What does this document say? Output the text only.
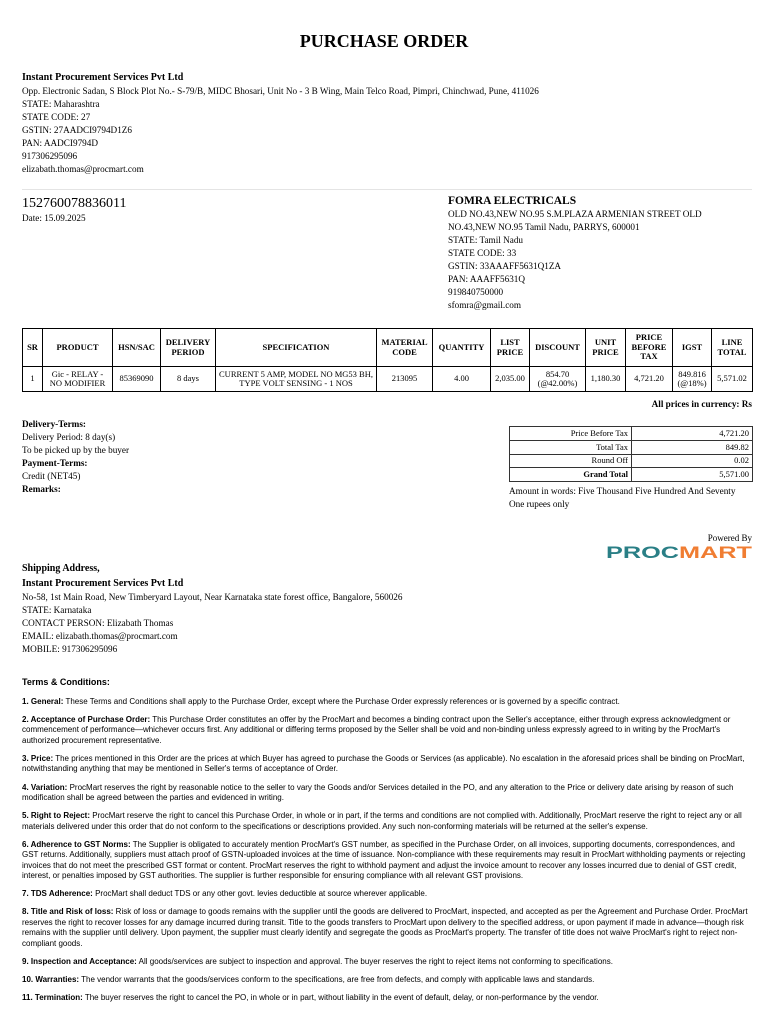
PURCHASE ORDER
Instant Procurement Services Pvt Ltd
Opp. Electronic Sadan, S Block Plot No.- S-79/B, MIDC Bhosari, Unit No - 3 B Wing, Main Telco Road, Pimpri, Chinchwad, Pune, 411026
STATE: Maharashtra
STATE CODE: 27
GSTIN: 27AADCI9794D1Z6
PAN: AADCI9794D
917306295096
elizabath.thomas@procmart.com
152760078836011
Date: 15.09.2025
FOMRA ELECTRICALS
OLD NO.43,NEW NO.95 S.M.PLAZA ARMENIAN STREET OLD NO.43,NEW NO.95 Tamil Nadu, PARRYS, 600001
STATE: Tamil Nadu
STATE CODE: 33
GSTIN: 33AAAFF5631Q1ZA
PAN: AAAFF5631Q
919840750000
sfomra@gmail.com
SR	PRODUCT	HSN/SAC	DELIVERY PERIOD	SPECIFICATION	MATERIAL CODE	QUANTITY	LIST PRICE	DISCOUNT	UNIT PRICE	PRICE BEFORE TAX	IGST	LINE TOTAL
1	Gic - RELAY - NO MODIFIER	85369090	8 days	CURRENT 5 AMP, MODEL NO MG53 BH, TYPE VOLT SENSING - 1 NOS	213095	4.00	2,035.00	854.70 (@42.00%)	1,180.30	4,721.20	849.816 (@18%)	5,571.02
All prices in currency: Rs
Delivery-Terms:
Delivery Period: 8 day(s)
To be picked up by the buyer
Payment-Terms:
Credit (NET45)
Remarks:
Price Before Tax	4,721.20
Total Tax	849.82
Round Off	0.02
Grand Total	5,571.00
Amount in words: Five Thousand Five Hundred And Seventy One rupees only
Powered By
PROC MART
Shipping Address,
Instant Procurement Services Pvt Ltd
No-58, 1st Main Road, New Timberyard Layout, Near Karnataka state forest office, Bangalore, 560026
STATE: Karnataka
CONTACT PERSON: Elizabath Thomas
EMAIL: elizabath.thomas@procmart.com
MOBILE: 917306295096
Terms & Conditions:

1. General: These Terms and Conditions shall apply to the Purchase Order, except where the Purchase Order expressly references or is governed by a specific contract.

2. Acceptance of Purchase Order: This Purchase Order constitutes an offer by the ProcMart and becomes a binding contract upon the Seller's acceptance, either through express acknowledgment or commencement of performance—whichever occurs first. Any additional or differing terms proposed by the Seller shall be void and non-binding unless expressly agreed to in writing by the ProcMart's authorized procurement representative.

3. Price: The prices mentioned in this Order are the prices at which Buyer has agreed to purchase the Goods or Services (as applicable). No escalation in the aforesaid prices shall be binding on ProcMart, notwithstanding anything that may be mentioned in Seller's terms of acceptance of Order.

4. Variation: ProcMart reserves the right by reasonable notice to the seller to vary the Goods and/or Services detailed in the PO, and any alteration to the Price or delivery date arising by reason of such modification shall be agreed between the parties and evidenced in writing.

5. Right to Reject: ProcMart reserve the right to cancel this Purchase Order, in whole or in part, if the terms and conditions are not complied with. Additionally, ProcMart reserve the right to reject any or all materials delivered under this order that do not conform to the specifications or descriptions provided. Any such non-conforming materials will be returned at the seller's expense.

6. Adherence to GST Norms: The Supplier is obligated to accurately mention ProcMart's GST number, as specified in the Purchase Order, on all invoices, supporting documents, correspondences, and GST returns. Additionally, suppliers must attach proof of GSTN-uploaded invoices at the time of issuance. Non-compliance with these requirements may result in ProcMart withholding payments or rejecting invoices that do not meet the prescribed GST format or content. ProcMart reserves the right to withhold payment and adjust the invoice amount to recover any losses incurred due to denial of GST credit, interest, or penalties imposed by GST authorities. The supplier is further responsible for ensuring compliance with all relevant GST provisions.

7. TDS Adherence: ProcMart shall deduct TDS or any other govt. levies deductible at source wherever applicable.

8. Title and Risk of loss: Risk of loss or damage to goods remains with the supplier until the goods are delivered to ProcMart, inspected, and accepted as per the Agreement and Purchase Order. ProcMart reserves the right to recover losses for any damage incurred during transit. Title to the goods transfers to ProcMart upon delivery to the specified address, or upon payment if made in advance—though risk remains with the supplier until delivery. Upon payment, the supplier must clearly identify and segregate the goods as ProcMart's property. The transfer of title does not waive ProcMart's right to reject non-compliant goods.

9. Inspection and Acceptance: All goods/services are subject to inspection and approval. The buyer reserves the right to reject items not conforming to specifications.

10. Warranties: The vendor warrants that the goods/services conform to the specifications, are free from defects, and comply with applicable laws and standards.

11. Termination: The buyer reserves the right to cancel the PO, in whole or in part, without liability in the event of default, delay, or non-performance by the vendor.
